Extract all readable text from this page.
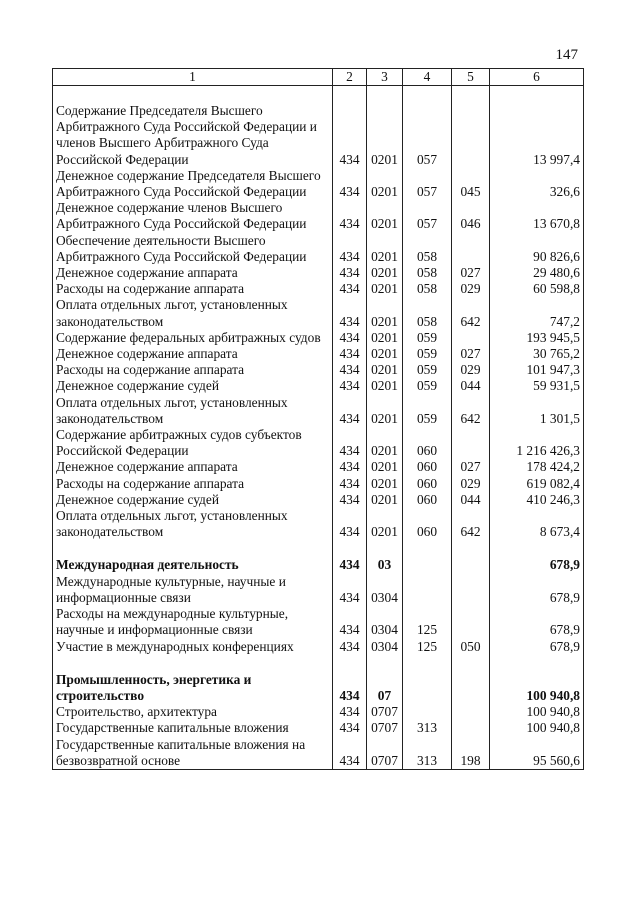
147
1	2	3	4	5	6

Содержание Председателя Высшего Арбитражного Суда Российской Федерации и членов Высшего Арбитражного Суда Российской Федерации	434	0201	057		13 997,4
Денежное содержание Председателя Высшего Арбитражного Суда Российской Федерации	434	0201	057	045	326,6
Денежное содержание членов Высшего Арбитражного Суда Российской Федерации	434	0201	057	046	13 670,8
Обеспечение деятельности Высшего Арбитражного Суда Российской Федерации	434	0201	058		90 826,6
Денежное содержание аппарата	434	0201	058	027	29 480,6
Расходы на содержание аппарата	434	0201	058	029	60 598,8
Оплата отдельных льгот, установленных законодательством	434	0201	058	642	747,2
Содержание федеральных арбитражных судов	434	0201	059		193 945,5
Денежное содержание аппарата	434	0201	059	027	30 765,2
Расходы на содержание аппарата	434	0201	059	029	101 947,3
Денежное содержание судей	434	0201	059	044	59 931,5
Оплата отдельных льгот, установленных законодательством	434	0201	059	642	1 301,5
Содержание арбитражных судов субъектов Российской Федерации	434	0201	060		1 216 426,3
Денежное содержание аппарата	434	0201	060	027	178 424,2
Расходы на содержание аппарата	434	0201	060	029	619 082,4
Денежное содержание судей	434	0201	060	044	410 246,3
Оплата отдельных льгот, установленных законодательством	434	0201	060	642	8 673,4

Международная деятельность	434	03			678,9
Международные культурные, научные и информационные связи	434	0304			678,9
Расходы на международные культурные, научные и информационные связи	434	0304	125		678,9
Участие в международных конференциях	434	0304	125	050	678,9

Промышленность, энергетика и строительство	434	07			100 940,8
Строительство, архитектура	434	0707			100 940,8
Государственные капитальные вложения	434	0707	313		100 940,8
Государственные капитальные вложения на безвозвратной основе	434	0707	313	198	95 560,6
